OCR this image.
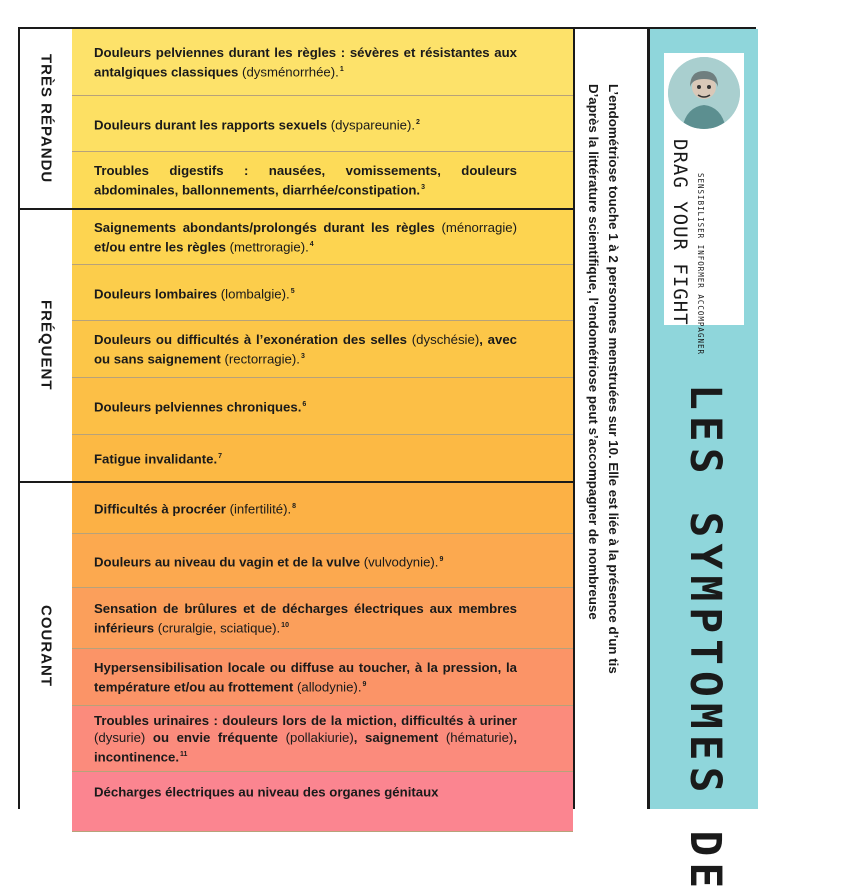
TRÈS RÉPANDU
FRÉQUENT
COURANT

Douleurs pelviennes durant les règles : sévères et résistantes aux antalgiques classiques (dysménorrhée).$^1$

Douleurs durant les rapports sexuels (dyspareunie).$^2$

Troubles digestifs : nausées, vomissements, douleurs abdominales, ballonnements, diarrhée/constipation.$^3$

Saignements abondants/prolongés durant les règles (ménorragie) et/ou entre les règles (mettroragie).$^4$

Douleurs lombaires (lombalgie).$^5$

Douleurs ou difficultés à l’exonération des selles (dyschésie), avec ou sans saignement (rectorragie).$^3$

Douleurs pelviennes chroniques.$^6$

Fatigue invalidante.$^7$

Difficultés à procréer (infertilité).$^8$

Douleurs au niveau du vagin et de la vulve (vulvodynie).$^9$

Sensation de brûlures et de décharges électriques aux membres inférieurs (cruralgie, sciatique).$^{10}$

Hypersensibilisation locale ou diffuse au toucher, à la pression, la température et/ou au frottement (allodynie).$^9$

Troubles urinaires : douleurs lors de la miction, difficultés à uriner (dysurie) ou envie fréquente (pollakiurie), saignement (hématurie), incontinence.$^{11}$

Décharges électriques au niveau des organes génitaux

L’endométriose touche 1 à 2 personnes menstruées sur 10. Elle est liée à la présence d’un tis
D’après la littérature scientifique, l’endométriose peut s’accompagner de nombreuse	DRAG YOUR FIGHT SENSIBILISER INFORMER ACCOMPAGNER
LES SYMPTOMES DE
